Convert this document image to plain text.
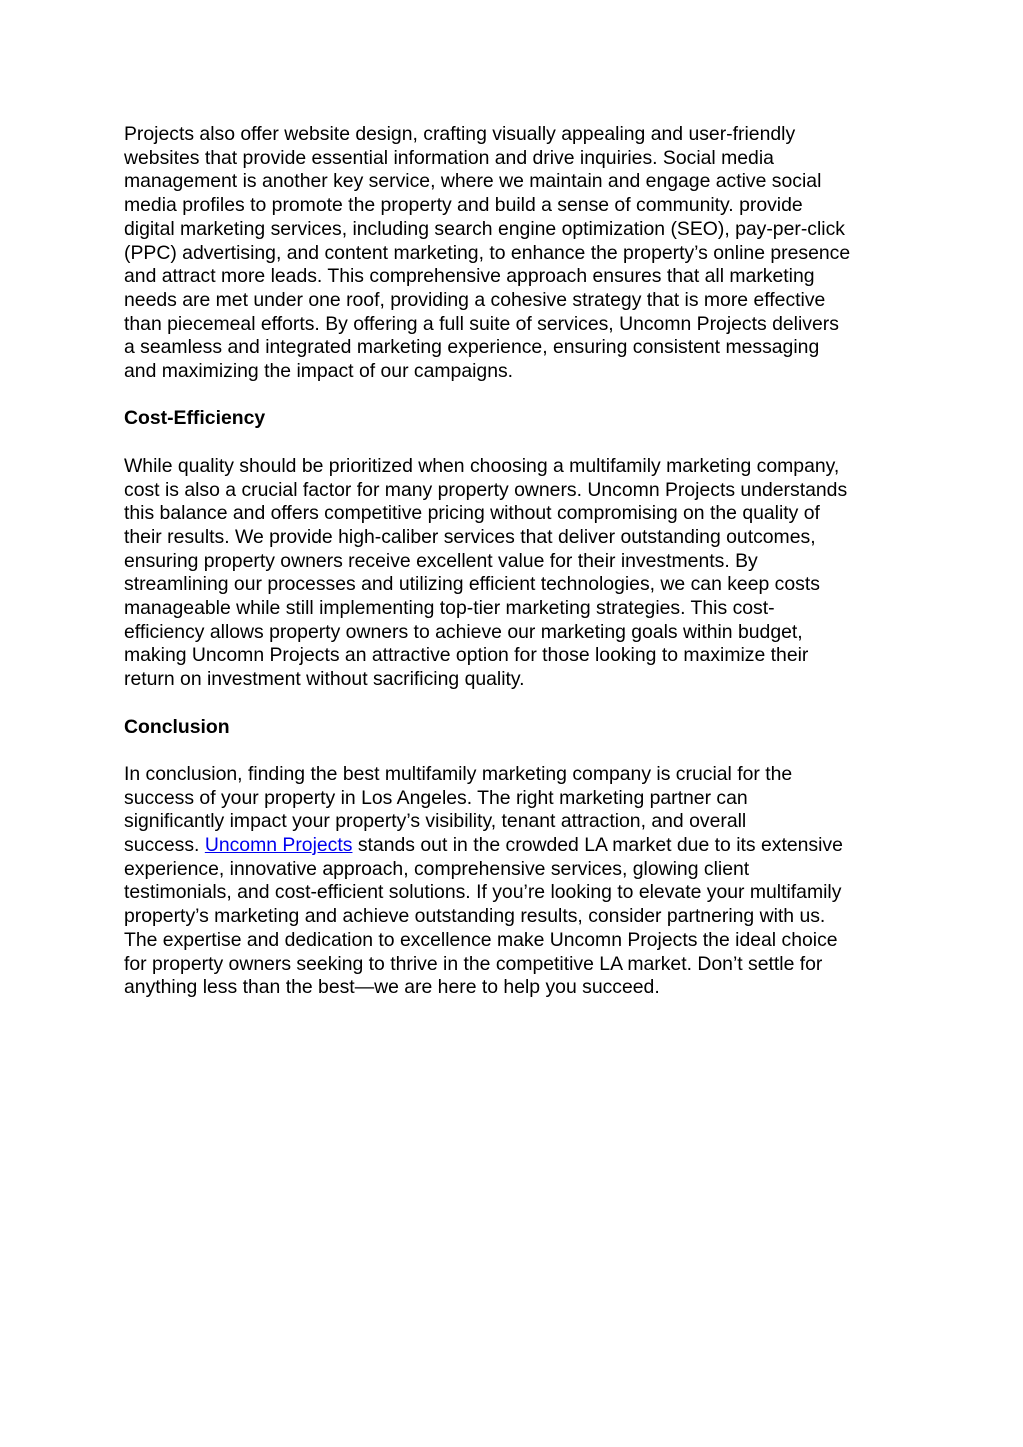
Projects also offer website design, crafting visually appealing and user-friendly
websites that provide essential information and drive inquiries. Social media
management is another key service, where we maintain and engage active social
media profiles to promote the property and build a sense of community. provide
digital marketing services, including search engine optimization (SEO), pay-per-click
(PPC) advertising, and content marketing, to enhance the property’s online presence
and attract more leads. This comprehensive approach ensures that all marketing
needs are met under one roof, providing a cohesive strategy that is more effective
than piecemeal efforts. By offering a full suite of services, Uncomn Projects delivers
a seamless and integrated marketing experience, ensuring consistent messaging
and maximizing the impact of our campaigns.

Cost-Efficiency

While quality should be prioritized when choosing a multifamily marketing company,
cost is also a crucial factor for many property owners. Uncomn Projects understands
this balance and offers competitive pricing without compromising on the quality of
their results. We provide high-caliber services that deliver outstanding outcomes,
ensuring property owners receive excellent value for their investments. By
streamlining our processes and utilizing efficient technologies, we can keep costs
manageable while still implementing top-tier marketing strategies. This cost-
efficiency allows property owners to achieve our marketing goals within budget,
making Uncomn Projects an attractive option for those looking to maximize their
return on investment without sacrificing quality.

Conclusion

In conclusion, finding the best multifamily marketing company is crucial for the
success of your property in Los Angeles. The right marketing partner can
significantly impact your property’s visibility, tenant attraction, and overall
success. Uncomn Projects stands out in the crowded LA market due to its extensive
experience, innovative approach, comprehensive services, glowing client
testimonials, and cost-efficient solutions. If you’re looking to elevate your multifamily
property’s marketing and achieve outstanding results, consider partnering with us.
The expertise and dedication to excellence make Uncomn Projects the ideal choice
for property owners seeking to thrive in the competitive LA market. Don’t settle for
anything less than the best—we are here to help you succeed.
